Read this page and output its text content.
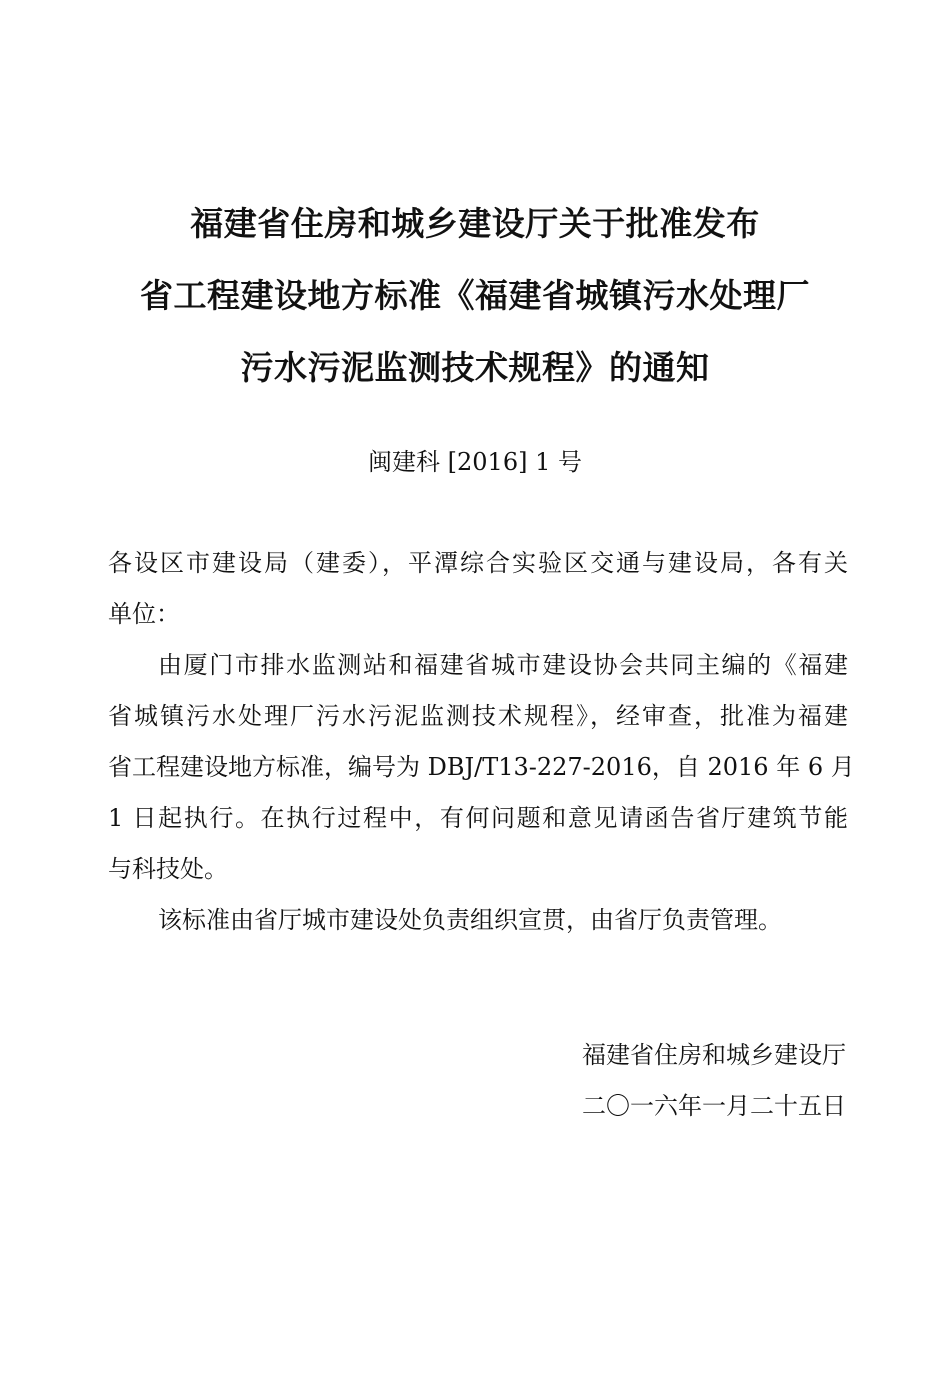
福建省住房和城乡建设厅关于批准发布
省工程建设地方标准《福建省城镇污水处理厂
污水污泥监测技术规程》的通知
闽建科 [2016] 1 号
各设区市建设局（建委），平潭综合实验区交通与建设局，各有关
单位：
由厦门市排水监测站和福建省城市建设协会共同主编的《福建
省城镇污水处理厂污水污泥监测技术规程》，经审查，批准为福建
省工程建设地方标准，编号为 DBJ/T13-227-2016，自 2016 年 6 月
1 日起执行。在执行过程中，有何问题和意见请函告省厅建筑节能
与科技处。
该标准由省厅城市建设处负责组织宣贯，由省厅负责管理。
福建省住房和城乡建设厅
二〇一六年一月二十五日
